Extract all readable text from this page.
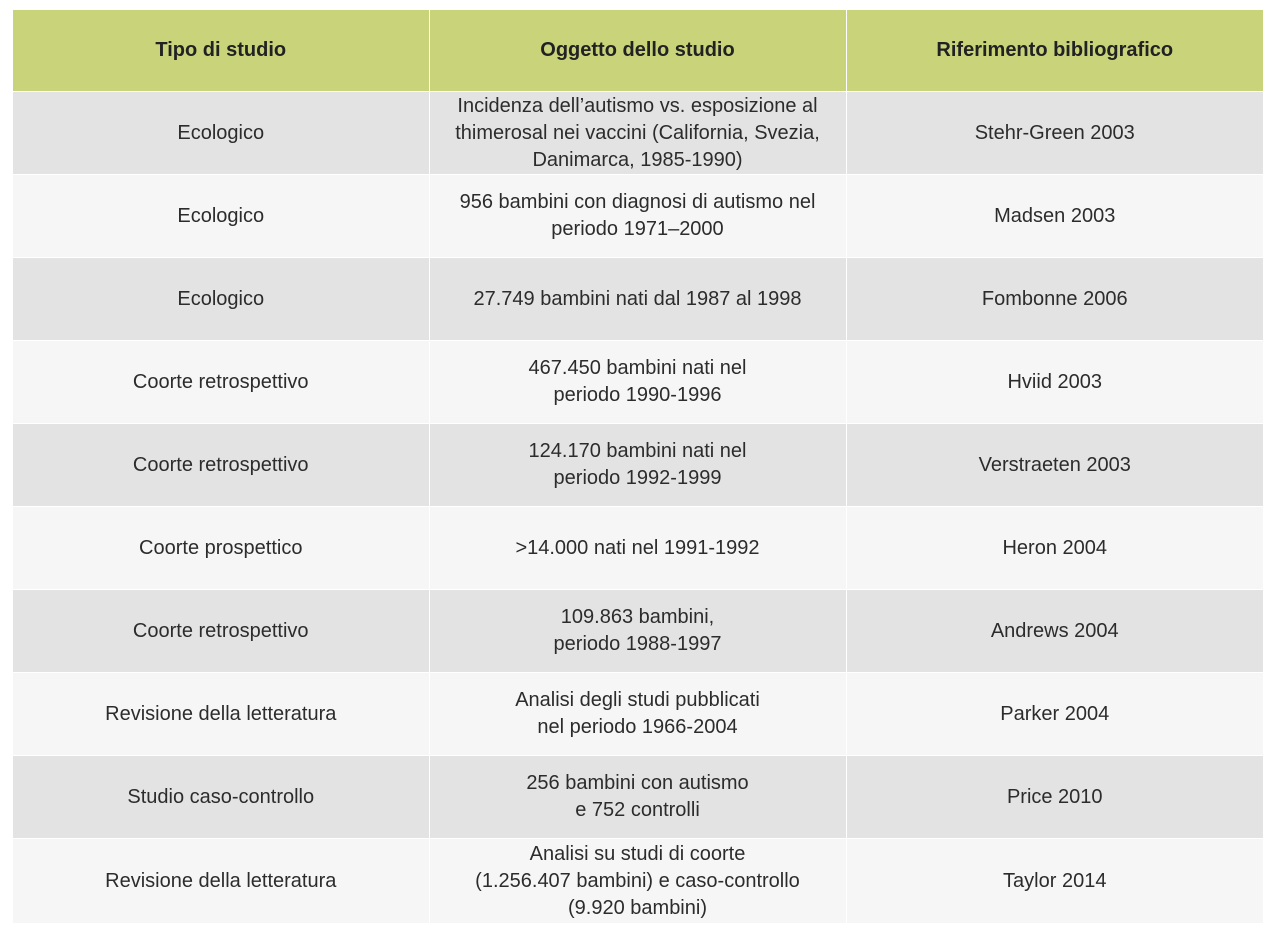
Tipo di studio	Oggetto dello studio	Riferimento bibliografico
Ecologico	Incidenza dell’autismo vs. esposizione al
thimerosal nei vaccini (California, Svezia,
Danimarca, 1985-1990)	Stehr-Green 2003
Ecologico	956 bambini con diagnosi di autismo nel
periodo 1971–2000	Madsen 2003
Ecologico	27.749 bambini nati dal 1987 al 1998	Fombonne 2006
Coorte retrospettivo	467.450 bambini nati nel
periodo 1990-1996	Hviid 2003
Coorte retrospettivo	124.170 bambini nati nel
periodo 1992-1999	Verstraeten 2003
Coorte prospettico	>14.000 nati nel 1991-1992	Heron 2004
Coorte retrospettivo	109.863 bambini,
periodo 1988-1997	Andrews 2004
Revisione della letteratura	Analisi degli studi pubblicati
nel periodo 1966-2004	Parker 2004
Studio caso-controllo	256 bambini con autismo
e 752 controlli	Price 2010
Revisione della letteratura	Analisi su studi di coorte
(1.256.407 bambini) e caso-controllo
(9.920 bambini)	Taylor 2014
